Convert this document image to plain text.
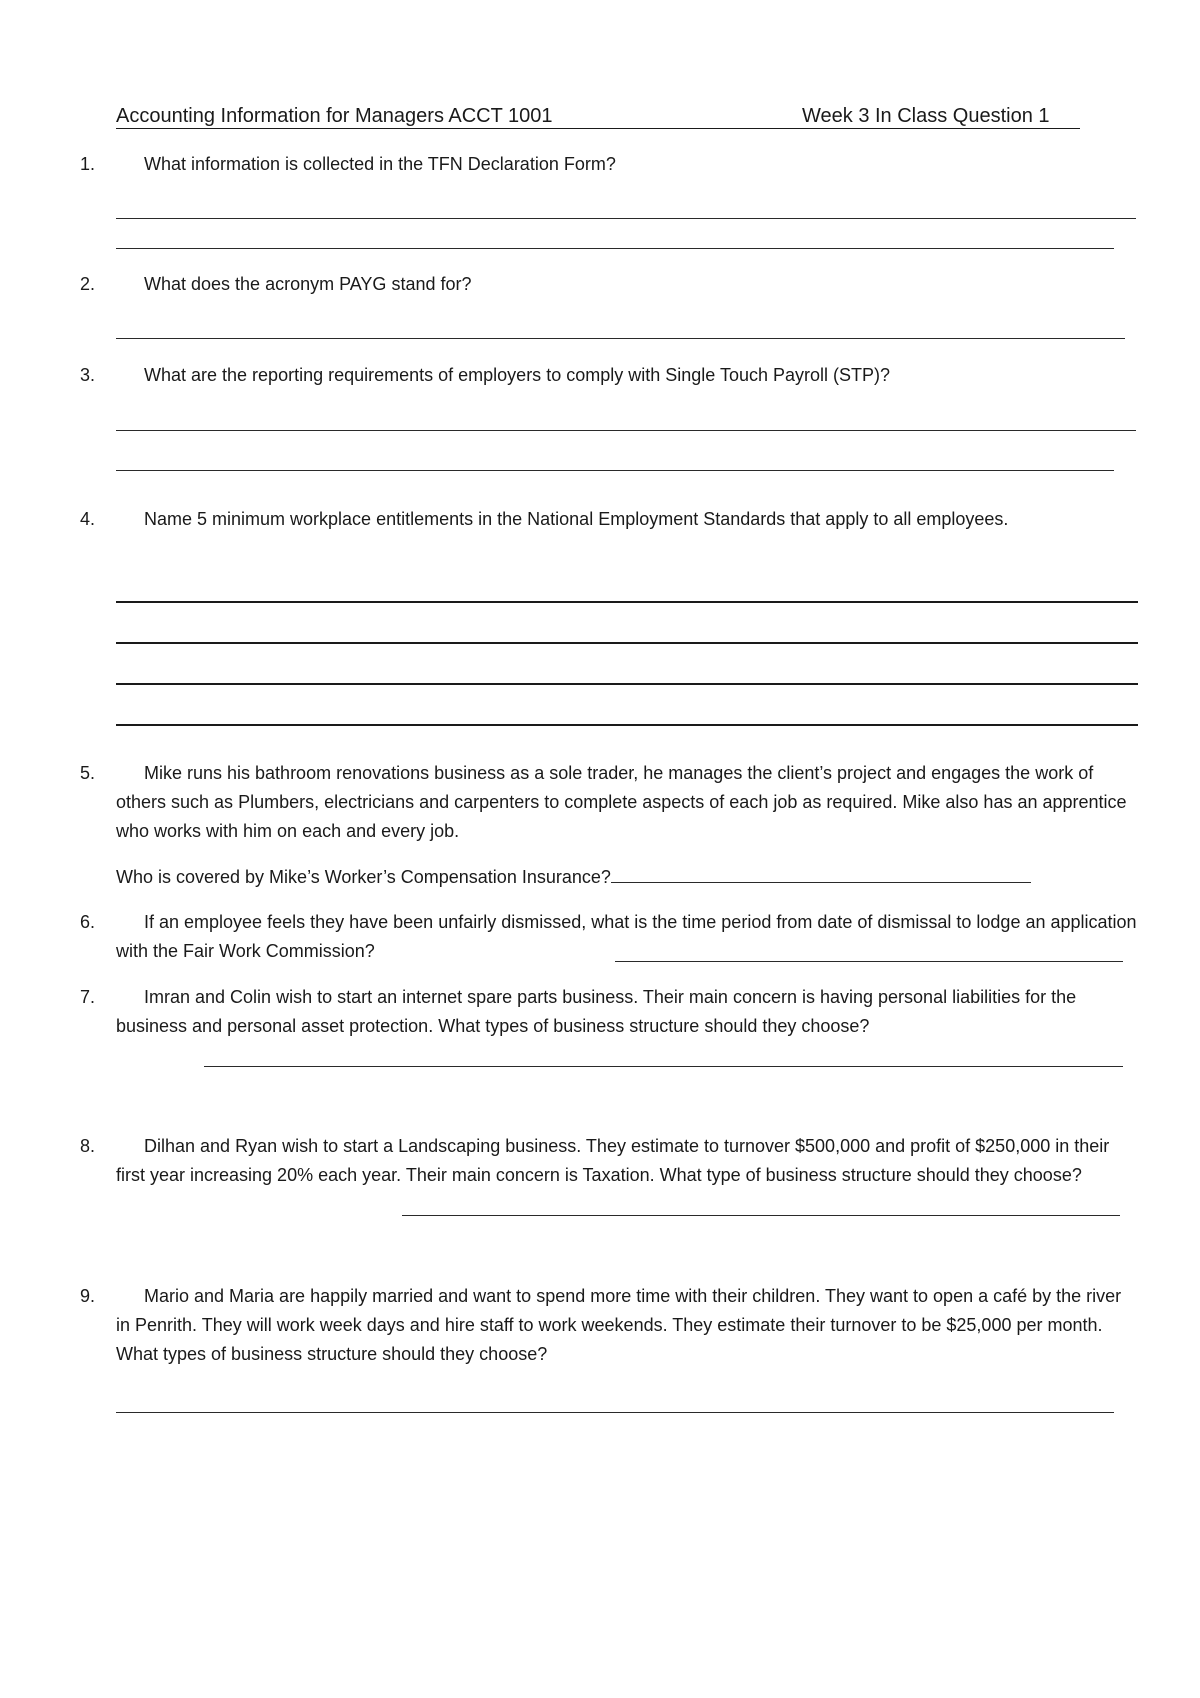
Accounting Information for Managers ACCT 1001	Week 3 In Class Question 1
1.	What information is collected in the TFN Declaration Form?
2.	What does the acronym PAYG stand for?
3.	What are the reporting requirements of employers to comply with Single Touch Payroll (STP)?
4.	Name 5 minimum workplace entitlements in the National Employment Standards that apply to all employees.
5.	Mike runs his bathroom renovations business as a sole trader, he manages the client’s project and engages the work of others such as Plumbers, electricians and carpenters to complete aspects of each job as required. Mike also has an apprentice who works with him on each and every job.
Who is covered by Mike’s Worker’s Compensation Insurance?
6.	If an employee feels they have been unfairly dismissed, what is the time period from date of dismissal to lodge an application with the Fair Work Commission?
7.	Imran and Colin wish to start an internet spare parts business. Their main concern is having personal liabilities for the business and personal asset protection. What types of business structure should they choose?
8.	Dilhan and Ryan wish to start a Landscaping business. They estimate to turnover $500,000 and profit of $250,000 in their first year increasing 20% each year. Their main concern is Taxation. What type of business structure should they choose?
9.	Mario and Maria are happily married and want to spend more time with their children. They want to open a café by the river in Penrith. They will work week days and hire staff to work weekends. They estimate their turnover to be $25,000 per month. What types of business structure should they choose?
